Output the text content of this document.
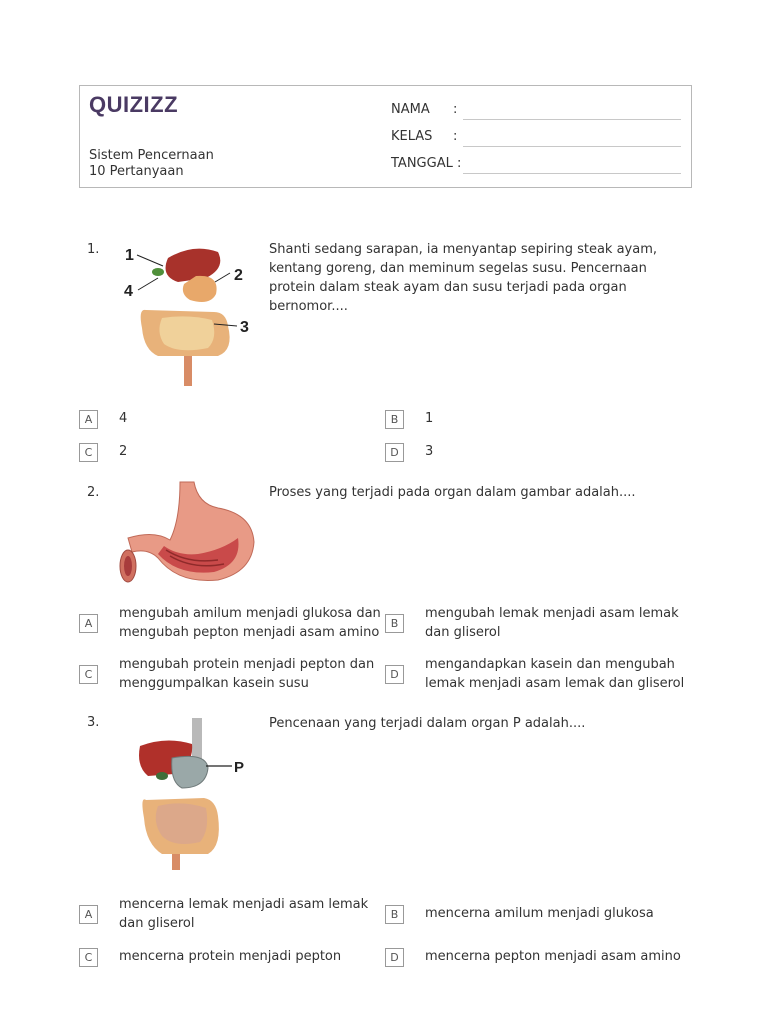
QUIZIZZ
Sistem Pencernaan
10 Pertanyaan
NAMA :
KELAS :
TANGGAL :
1. 1
2
3
4
Shanti sedang sarapan, ia menyantap sepiring steak ayam, kentang goreng, dan meminum segelas susu. Pencernaan protein dalam steak ayam dan susu terjadi pada organ bernomor....
A	4	B	1
C	2	D	3
2.	Proses yang terjadi pada organ dalam gambar adalah....
A
mengubah amilum menjadi glukosa dan mengubah pepton menjadi asam amino
B
mengubah lemak menjadi asam lemak dan gliserol
C
mengubah protein menjadi pepton dan menggumpalkan kasein susu
D
mengandapkan kasein dan mengubah lemak menjadi asam lemak dan gliserol
3.
P
Pencenaan yang terjadi dalam organ P adalah....
A
mencerna lemak menjadi asam lemak dan gliserol
B	mencerna amilum menjadi glukosa
C	mencerna protein menjadi pepton	D	mencerna pepton menjadi asam amino
